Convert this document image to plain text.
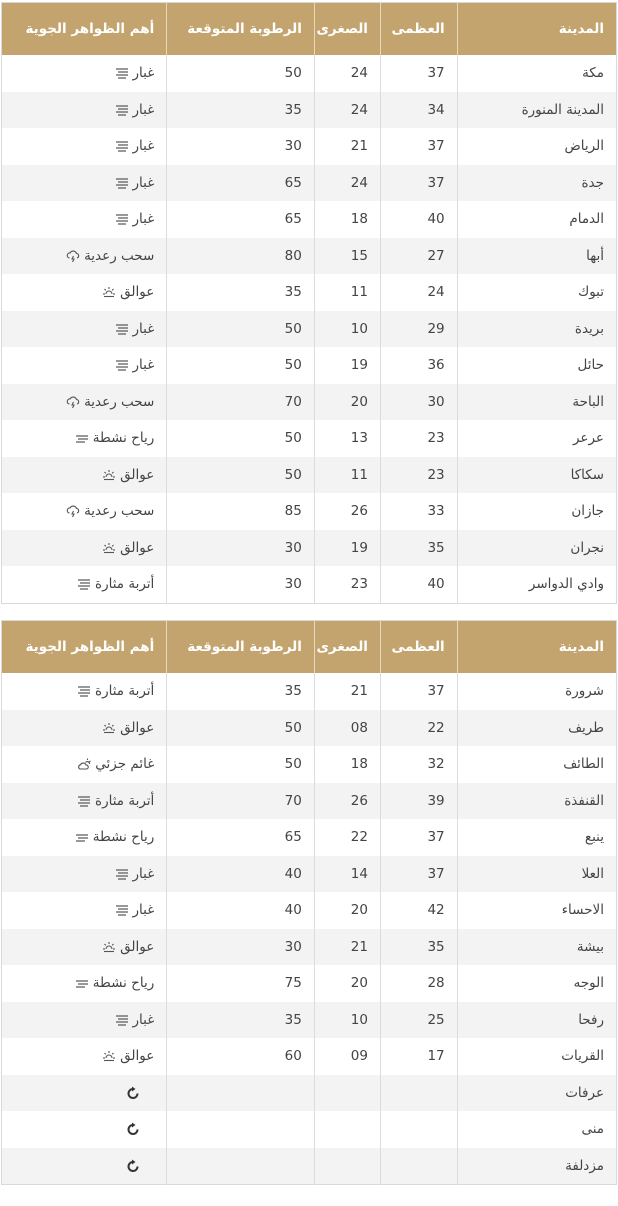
المدينة	العظمى	الصغرى	الرطوبة المتوقعة	أهم الظواهر الجوية
مكة	37	24	50	غبار

المدينة المنورة	34	24	35	غبار

الرياض	37	21	30	غبار

جدة	37	24	65	غبار

الدمام	40	18	65	غبار

أبها	27	15	80	سحب رعدية

تبوك	24	11	35	عوالق

بريدة	29	10	50	غبار

حائل	36	19	50	غبار

الباحة	30	20	70	سحب رعدية

عرعر	23	13	50	رياح نشطة

سكاكا	23	11	50	عوالق

جازان	33	26	85	سحب رعدية

نجران	35	19	30	عوالق

وادي الدواسر	40	23	30	أتربة مثارة
المدينة	العظمى	الصغرى	الرطوبة المتوقعة	أهم الظواهر الجوية
شرورة	37	21	35	أتربة مثارة

طريف	22	08	50	عوالق

الطائف	32	18	50	غائم جزئي

القنفذة	39	26	70	أتربة مثارة

ينبع	37	22	65	رياح نشطة

العلا	37	14	40	غبار

الاحساء	42	20	40	غبار

بيشة	35	21	30	عوالق

الوجه	28	20	75	رياح نشطة

رفحا	25	10	35	غبار

القريات	17	09	60	عوالق

عرفات				
منى				
مزدلفة				
